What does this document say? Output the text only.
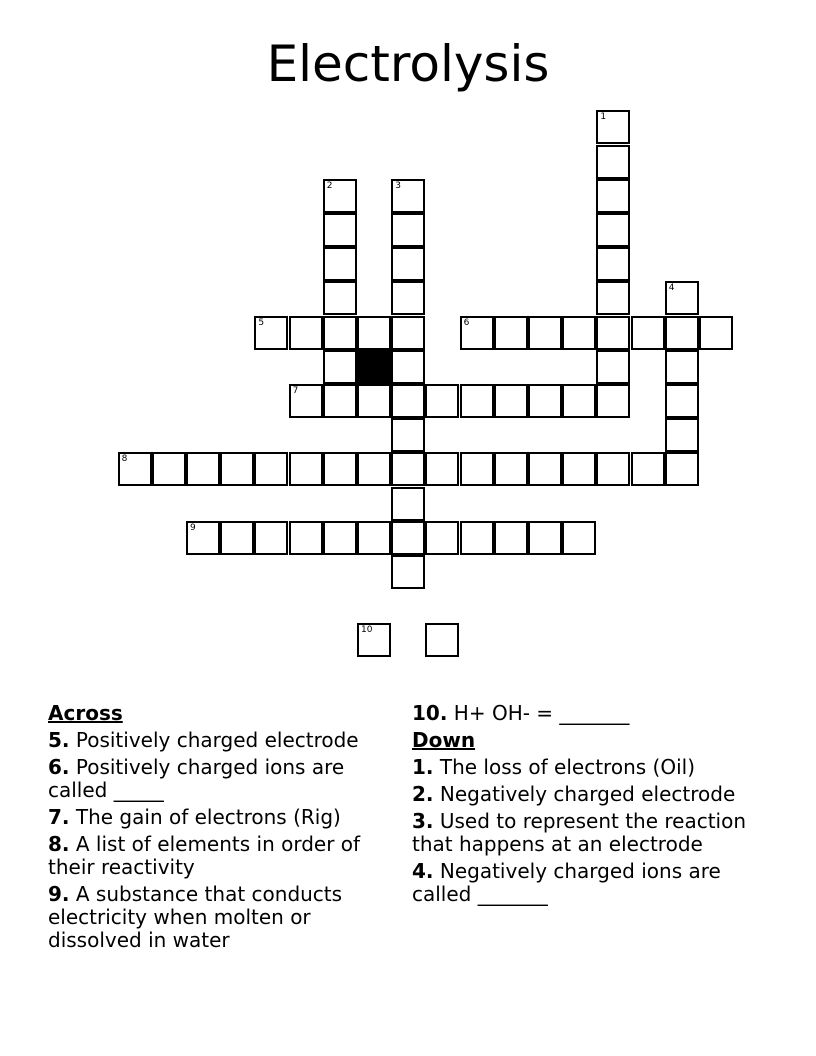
Electrolysis
1
2	3
4
5	6
7
8
9
10
Across
5. Positively charged electrode
6. Positively charged ions are called _____
7. The gain of electrons (Rig)
8. A list of elements in order of their reactivity
9. A substance that conducts electricity when molten or dissolved in water
10. H+ OH- = _______
Down
1. The loss of electrons (Oil)
2. Negatively charged electrode
3. Used to represent the reaction that happens at an electrode
4. Negatively charged ions are called _______
